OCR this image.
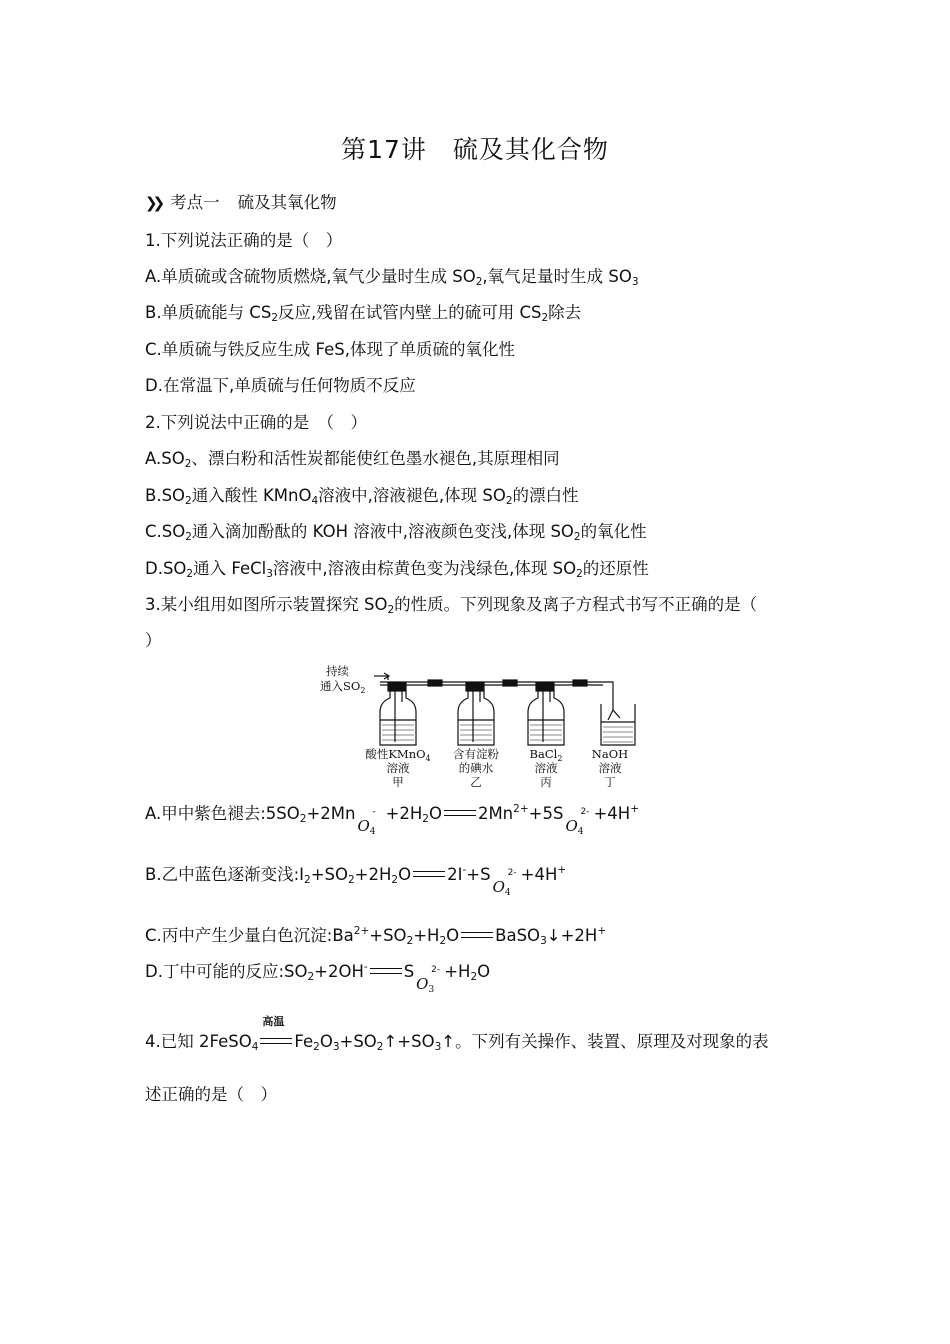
第17讲　硫及其化合物
❯❯ 考点一 硫及其氧化物
1.下列说法正确的是（　）
A.单质硫或含硫物质燃烧,氧气少量时生成 $SO_2$,氧气足量时生成 $SO_3$
B.单质硫能与 $CS_2$反应,残留在试管内壁上的硫可用 $CS_2$除去
C.单质硫与铁反应生成 FeS,体现了单质硫的氧化性
D.在常温下,单质硫与任何物质不反应
2.下列说法中正确的是　（　）
$A.SO_2$、漂白粉和活性炭都能使红色墨水褪色,其原理相同
$B.SO_2$通入酸性 KMnO$_4$溶液中,溶液褪色,体现 $SO_2$的漂白性
$C.SO_2$通入滴加酚酞的 KOH 溶液中,溶液颜色变浅,体现 $SO_2$的氧化性
$D.SO_2$通入 FeCl$_3$溶液中,溶液由棕黄色变为浅绿色,体现 $SO_2$的还原性
3.某小组用如图所示装置探究 $SO_2$的性质。下列现象及离子方程式书写不正确的是（
）
持续
通入$SO_2$
酸性KMnO$_4$
溶液
甲
含有淀粉
的碘水
乙
BaCl$_2$
溶液
丙
NaOH
溶液
丁
A.甲中紫色褪去$:5SO_2+2MnO_4$
- $+2H_2O$ $2Mn^{2+}+5SO_4$
2- +4H+
B.乙中蓝色逐渐变浅$:I_2+SO_2+2H_2O$ $2I^-+SO_4$
2- +4H+
C.丙中产生少量白色沉淀$:Ba^{2+}+SO_2+H_2O$ BaSO$_3$↓+2H+
D.丁中可能的反应$:SO_2+2OH^-$ $SO_3$
$2- +H_2O$
4.已知 2FeSO$_4$
高温
$Fe_2O_3+SO_2↑+SO_3↑$。下列有关操作、装置、原理及对现象的表
述正确的是（　）
